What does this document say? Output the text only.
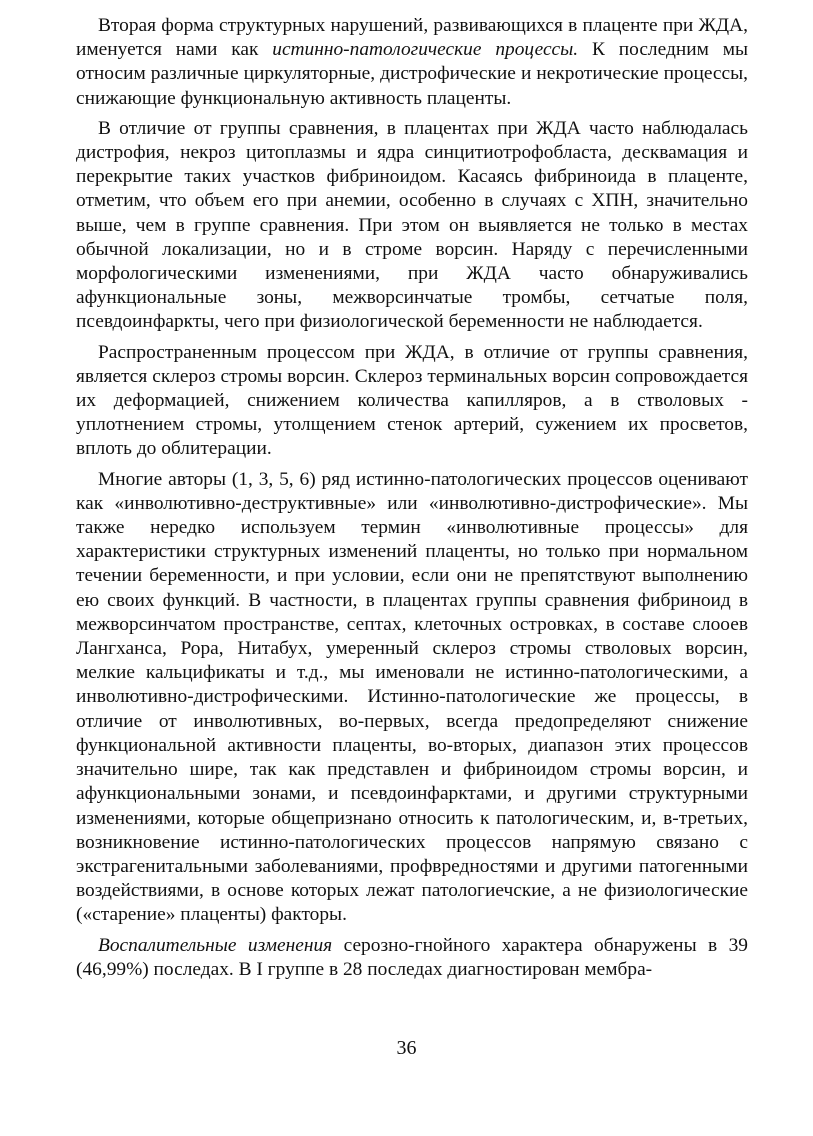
Вторая форма структурных нарушений, развивающихся в плаценте при ЖДА, именуется нами как истинно-патологические процессы. К последним мы относим различные циркуляторные, дистрофические и некротические процессы, снижающие функциональную активность плаценты.

В отличие от группы сравнения, в плацентах при ЖДА часто наблюдалась дистрофия, некроз цитоплазмы и ядра синцитиотрофобласта, десквамация и перекрытие таких участков фибриноидом. Касаясь фибриноида в плаценте, отметим, что объем его при анемии, особенно в случаях с ХПН, значительно выше, чем в группе сравнения. При этом он выявляется не только в местах обычной локализации, но и в строме ворсин. Наряду с перечисленными морфологическими изменениями, при ЖДА часто обнаруживались афункциональные зоны, межворсинчатые тромбы, сетчатые поля, псевдоинфаркты, чего при физиологической беременности не наблюдается.

Распространенным процессом при ЖДА, в отличие от группы сравнения, является склероз стромы ворсин. Склероз терминальных ворсин сопровождается их деформацией, снижением количества капилляров, а в стволовых - уплотнением стромы, утолщением стенок артерий, сужением их просветов, вплоть до облитерации.

Многие авторы (1, 3, 5, 6) ряд истинно-патологических процессов оценивают как «инволютивно-деструктивные» или «инволютивно-дистрофические». Мы также нередко используем термин «инволютивные процессы» для характеристики структурных изменений плаценты, но только при нормальном течении беременности, и при условии, если они не препятствуют выполнению ею своих функций. В частности, в плацентах группы сравнения фибриноид в межворсинчатом пространстве, септах, клеточных островках, в составе слооев Лангханса, Рора, Нитабух, умеренный склероз стромы стволовых ворсин, мелкие кальцификаты и т.д., мы именовали не истинно-патологическими, а инволютивно-дистрофическими. Истинно-патологические же процессы, в отличие от инволютивных, во-первых, всегда предопределяют снижение функциональной активности плаценты, во-вторых, диапазон этих процессов значительно шире, так как представлен и фибриноидом стромы ворсин, и афункциональными зонами, и псевдоинфарктами, и другими структурными изменениями, которые общепризнано относить к патологическим, и, в-третьих, возникновение истинно-патологических процессов напрямую связано с экстрагенитальными заболеваниями, профвредностями и другими патогенными воздействиями, в основе которых лежат патологиечские, а не физиологические («старение» плаценты) факторы.

Воспалительные изменения серозно-гнойного характера обнаружены в 39 (46,99%) последах. В I группе в 28 последах диагностирован мембра-

36
